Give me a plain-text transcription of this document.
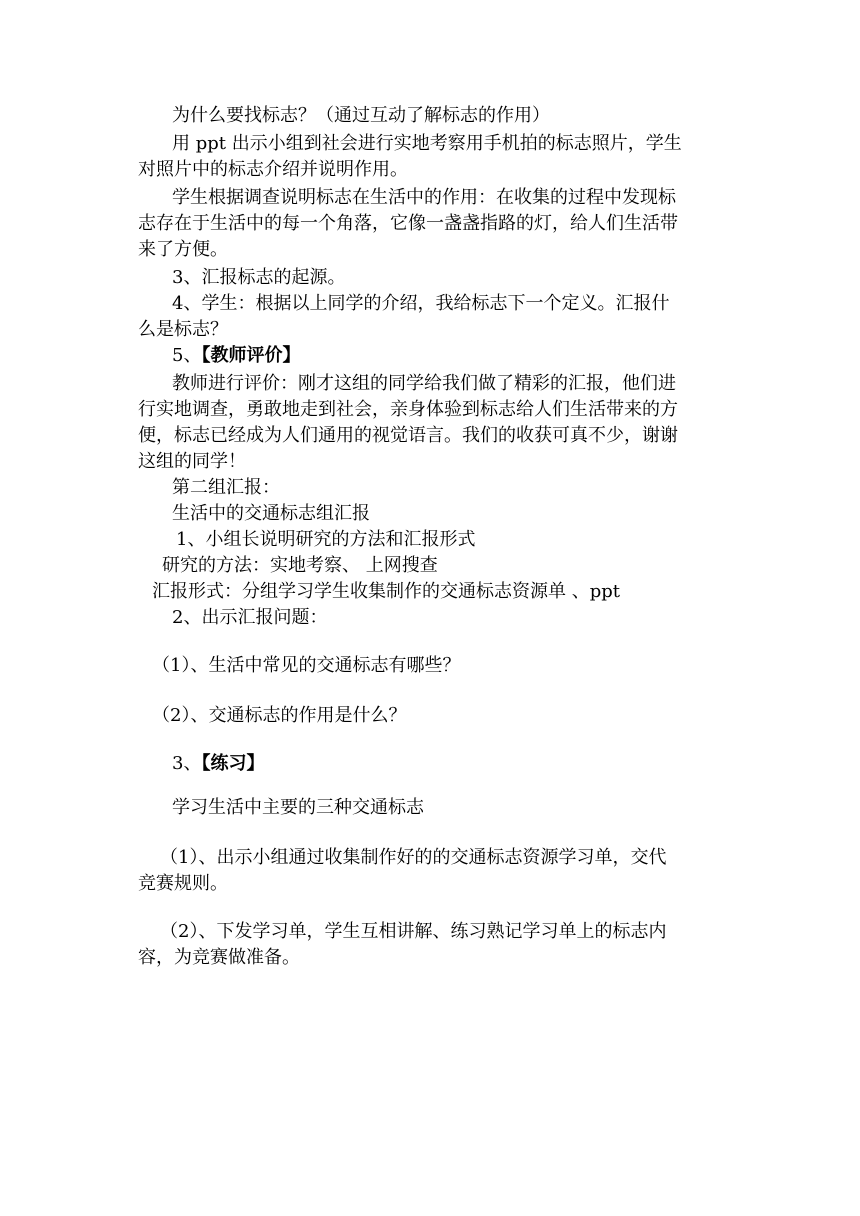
为什么要找标志？（通过互动了解标志的作用）
用 ppt 出示小组到社会进行实地考察用手机拍的标志照片，学生
对照片中的标志介绍并说明作用。
学生根据调查说明标志在生活中的作用：在收集的过程中发现标
志存在于生活中的每一个角落，它像一盏盏指路的灯，给人们生活带
来了方便。
3、汇报标志的起源。
4、学生：根据以上同学的介绍，我给标志下一个定义。汇报什
么是标志？
5、【教师评价】
教师进行评价：刚才这组的同学给我们做了精彩的汇报，他们进
行实地调查，勇敢地走到社会，亲身体验到标志给人们生活带来的方
便，标志已经成为人们通用的视觉语言。我们的收获可真不少，谢谢
这组的同学！
第二组汇报：
生活中的交通标志组汇报
1、小组长说明研究的方法和汇报形式
研究的方法：实地考察、 上网搜查
汇报形式：分组学习学生收集制作的交通标志资源单 、ppt
2、出示汇报问题：
（1）、生活中常见的交通标志有哪些？
（2）、交通标志的作用是什么？
3、【练习】
学习生活中主要的三种交通标志
（1）、出示小组通过收集制作好的的交通标志资源学习单，交代
竞赛规则。
（2）、下发学习单，学生互相讲解、练习熟记学习单上的标志内
容，为竞赛做准备。
